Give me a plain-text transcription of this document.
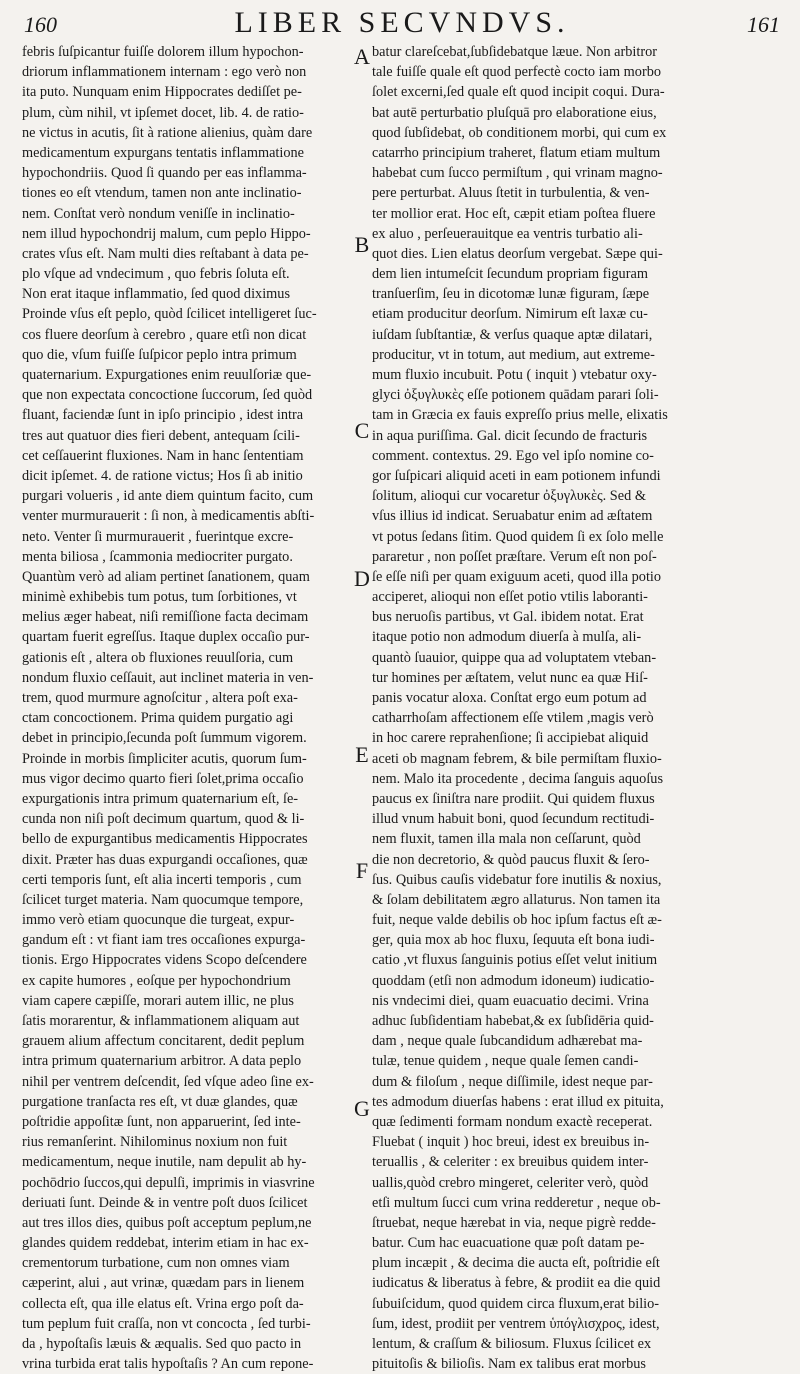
160	LIBER SECVNDVS.	161
febris ſuſpicantur fuiſſe dolorem illum hypochon-
driorum inflammationem internam : ego verò non
ita puto. Nunquam enim Hippocrates dediſſet pe-
plum, cùm nihil, vt ipſemet docet, lib. 4. de ratio-
ne victus in acutis, ſit à ratione alienius, quàm dare
medicamentum expurgans tentatis inflammatione
hypochondriis. Quod ſi quando per eas inflamma-
tiones eo eſt vtendum, tamen non ante inclinatio-
nem. Conſtat verò nondum veniſſe in inclinatio-
nem illud hypochondrij malum, cum peplo Hippo-
crates vſus eſt. Nam multi dies reſtabant à data pe-
plo vſque ad vndecimum , quo febris ſoluta eſt.
Non erat itaque inflammatio, ſed quod diximus
Proinde vſus eſt peplo, quòd ſcilicet intelligeret ſuc-
cos fluere deorſum à cerebro , quare etſi non dicat
quo die, vſum fuiſſe ſuſpicor peplo intra primum
quaternarium. Expurgationes enim reuulſoriæ que-
que non expectata concoctione ſuccorum, ſed quòd
fluant, faciendæ ſunt in ipſo principio , idest intra
tres aut quatuor dies fieri debent, antequam ſcili-
cet ceſſauerint fluxiones. Nam in hanc ſententiam
dicit ipſemet. 4. de ratione victus; Hos ſi ab initio
purgari volueris , id ante diem quintum facito, cum
venter murmurauerit : ſi non, à medicamentis abſti-
neto. Venter ſi murmurauerit , fuerintque excre-
menta biliosa , ſcammonia mediocriter purgato.
Quantùm verò ad aliam pertinet ſanationem, quam
minimè exhibebis tum potus, tum ſorbitiones, vt
melius æger habeat, niſi remiſſione facta decimam
quartam fuerit egreſſus. Itaque duplex occaſio pur-
gationis eſt , altera ob fluxiones reuulſoria, cum
nondum fluxio ceſſauit, aut inclinet materia in ven-
trem, quod murmure agnoſcitur , altera poſt exa-
ctam concoctionem. Prima quidem purgatio agi
debet in principio,ſecunda poſt ſummum vigorem.
Proinde in morbis ſimpliciter acutis, quorum ſum-
mus vigor decimo quarto fieri ſolet,prima occaſio
expurgationis intra primum quaternarium eſt, ſe-
cunda non niſi poſt decimum quartum, quod & li-
bello de expurgantibus medicamentis Hippocrates
dixit. Præter has duas expurgandi occaſiones, quæ
certi temporis ſunt, eſt alia incerti temporis , cum
ſcilicet turget materia. Nam quocumque tempore,
immo verò etiam quocunque die turgeat, expur-
gandum eſt : vt fiant iam tres occaſiones expurga-
tionis. Ergo Hippocrates videns Scopo deſcendere
ex capite humores , eoſque per hypochondrium
viam capere cæpiſſe, morari autem illic, ne plus
ſatis morarentur, & inflammationem aliquam aut
grauem alium affectum concitarent, dedit peplum
intra primum quaternarium arbitror. A data peplo
nihil per ventrem deſcendit, ſed vſque adeo ſine ex-
purgatione tranſacta res eſt, vt duæ glandes, quæ
poſtridie appoſitæ ſunt, non apparuerint, ſed inte-
rius remanſerint. Nihilominus noxium non fuit
medicamentum, neque inutile, nam depulit ab hy-
pochōdrio ſuccos,qui depulſi, imprimis in viasvrine
deriuati ſunt. Deinde & in ventre poſt duos ſcilicet
aut tres illos dies, quibus poſt acceptum peplum,ne
glandes quidem reddebat, interim etiam in hac ex-
crementorum turbatione, cum non omnes viam
cæperint, alui , aut vrinæ, quædam pars in lienem
collecta eſt, qua ille elatus eſt. Vrina ergo poſt da-
tum peplum fuit craſſa, non vt concocta , ſed turbi-
da , hypoſtaſis læuis & æqualis. Sed quo pacto in
vrina turbida erat talis hypoſtaſis ? An cum repone-
batur clareſcebat,ſubſidebatque læue. Non arbitror
tale fuiſſe quale eſt quod perfectè cocto iam morbo
ſolet excerni,ſed quale eſt quod incipit coqui. Dura-
bat autē perturbatio pluſquā pro elaboratione eius,
quod ſubſidebat, ob conditionem morbi, qui cum ex
catarrho principium traheret, flatum etiam multum
habebat cum ſucco permiſtum , qui vrinam magno-
pere perturbat. Aluus ſtetit in turbulentia, & ven-
ter mollior erat. Hoc eſt, cæpit etiam poſtea fluere
ex aluo , perſeuerauitque ea ventris turbatio ali-
quot dies. Lien elatus deorſum vergebat. Sæpe qui-
dem lien intumeſcit ſecundum propriam figuram
tranſuerſim, ſeu in dicotomæ lunæ figuram, ſæpe
etiam producitur deorſum. Nimirum eſt laxæ cu-
iuſdam ſubſtantiæ, & verſus quaque aptæ dilatari,
producitur, vt in totum, aut medium, aut extreme-
mum fluxio incubuit. Potu ( inquit ) vtebatur oxy-
glyci ὀξυγλυκὲς eſſe potionem quādam parari ſoli-
tam in Græcia ex fauis expreſſo prius melle, elixatis
in aqua puriſſima. Gal. dicit ſecundo de fracturis
comment. contextus. 29. Ego vel ipſo nomine co-
gor ſuſpicari aliquid aceti in eam potionem infundi
ſolitum, alioqui cur vocaretur ὀξυγλυκὲς. Sed &
vſus illius id indicat. Seruabatur enim ad æſtatem
vt potus ſedans ſitim. Quod quidem ſi ex ſolo melle
pararetur , non poſſet præſtare. Verum eſt non poſ-
ſe eſſe niſi per quam exiguum aceti, quod illa potio
acciperet, alioqui non eſſet potio vtilis laboranti-
bus neruoſis partibus, vt Gal. ibidem notat. Erat
itaque potio non admodum diuerſa à mulſa, ali-
quantò ſuauior, quippe qua ad voluptatem vteban-
tur homines per æſtatem, velut nunc ea quæ Hiſ-
panis vocatur aloxa. Conſtat ergo eum potum ad
catharrhoſam affectionem eſſe vtilem ,magis verò
in hoc carere reprahenſione; ſi accipiebat aliquid
aceti ob magnam febrem, & bile permiſtam fluxio-
nem. Malo ita procedente , decima ſanguis aquoſus
paucus ex ſiniſtra nare prodiit. Qui quidem fluxus
illud vnum habuit boni, quod ſecundum rectitudi-
nem fluxit, tamen illa mala non ceſſarunt, quòd
die non decretorio, & quòd paucus fluxit & ſero-
ſus. Quibus cauſis videbatur fore inutilis & noxius,
& ſolam debilitatem ægro allaturus. Non tamen ita
fuit, neque valde debilis ob hoc ipſum factus eſt æ-
ger, quia mox ab hoc fluxu, ſequuta eſt bona iudi-
catio ,vt fluxus ſanguinis potius eſſet velut initium
quoddam (etſi non admodum idoneum) iudicatio-
nis vndecimi diei, quam euacuatio decimi. Vrina
adhuc ſubſidentiam habebat,& ex ſubſidēria quid-
dam , neque quale ſubcandidum adhærebat ma-
tulæ, tenue quidem , neque quale ſemen candi-
dum & filoſum , neque diſſimile, idest neque par-
tes admodum diuerſas habens : erat illud ex pituita,
quæ ſedimenti formam nondum exactè receperat.
Fluebat ( inquit ) hoc breui, idest ex breuibus in-
teruallis , & celeriter : ex breuibus quidem inter-
uallis,quòd crebro mingeret, celeriter verò, quòd
etſi multum ſucci cum vrina redderetur , neque ob-
ſtruebat, neque hærebat in via, neque pigrè redde-
batur. Cum hac euacuatione quæ poſt datam pe-
plum incæpit , & decima die aucta eſt, poſtridie eſt
iudicatus & liberatus à febre, & prodiit ea die quid
ſubuiſcidum, quod quidem circa fluxum,erat bilio-
ſum, idest, prodiit per ventrem ὑπόγλισχρος, idest,
lentum, & craſſum & biliosum. Fluxus ſcilicet ex
pituitoſis & bilioſis. Nam ex talibus erat morbus
A
B
C
D
E
F
G
